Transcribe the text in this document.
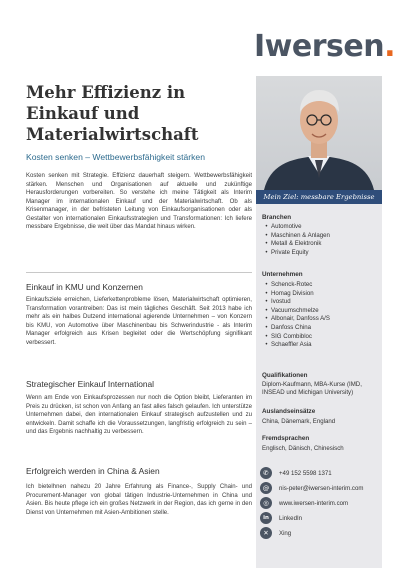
Iwersen.
Mehr Effizienz in
Einkauf und
Materialwirtschaft
Kosten senken – Wettbewerbsfähigkeit stärken

Kosten senken mit Strategie. Effizienz dauerhaft steigern. Wettbewerbsfähigkeit stärken. Menschen und Organisationen auf aktuelle und zukünftige Herausforderungen vorbereiten. So verstehe ich meine Tätigkeit als Interim Manager im internationalen Einkauf und der Materialwirtschaft. Ob als Krisenmanager, in der befristeten Leitung von Einkaufsorganisationen oder als Gestalter von internationalen Einkaufsstrategien und Transformationen: Ich liefere messbare Ergebnisse, die weit über das Mandat hinaus wirken.

Einkauf in KMU und Konzernen

Einkaufsziele erreichen, Lieferkettenprobleme lösen, Materialwirtschaft optimieren, Transformation vorantreiben: Das ist mein tägliches Geschäft. Seit 2013 habe ich mehr als ein halbes Dutzend international agierende Unternehmen – von Konzern bis KMU, von Automotive über Maschinenbau bis Schwerindustrie - als Interim Manager erfolgreich aus Krisen begleitet oder die Wertschöpfung signifikant verbessert.

Strategischer Einkauf International

Wenn am Ende von Einkaufsprozessen nur noch die Option bleibt, Lieferanten im Preis zu drücken, ist schon von Anfang an fast alles falsch gelaufen. Ich unterstütze Unternehmen dabei, den internationalen Einkauf strategisch aufzustellen und zu entwickeln. Damit schaffe ich die Voraussetzungen, langfristig erfolgreich zu sein – und das Ergebnis nachhaltig zu verbessern.

Erfolgreich werden in China & Asien

Ich bietelhnen nahezu 20 Jahre Erfahrung als Finance-, Supply Chain- und Procurement-Manager von global tätigen Industrie-Unternehmen in China und Asien. Bis heute pflege ich ein großes Netzwerk in der Region, das ich gerne in den Dienst von Unternehmen mit Asien-Ambitionen stelle.

Mein Ziel: messbare Ergebnisse
Branchen
• Automotive
• Maschinen & Anlagen
• Metall & Elektronik
• Private Equity
Unternehmen
• Schenck-Rotec
• Homag Division
• Ivostud
• Vacuumschmelze
• Albonair, Danfoss A/S
• Danfoss China
• SIG Combibloc
• Schaeffler Asia
Qualifikationen
Diplom-Kaufmann, MBA-Kurse (IMD, INSEAD und Michigan University)
Auslandseinsätze
China, Dänemark, England
Fremdsprachen
Englisch, Dänisch, Chinesisch
✆	+49 152 5598 1371
@	nis-peter@iwersen-interim.com
◎	www.iwersen-interim.com
in	LinkedIn
✕	Xing
